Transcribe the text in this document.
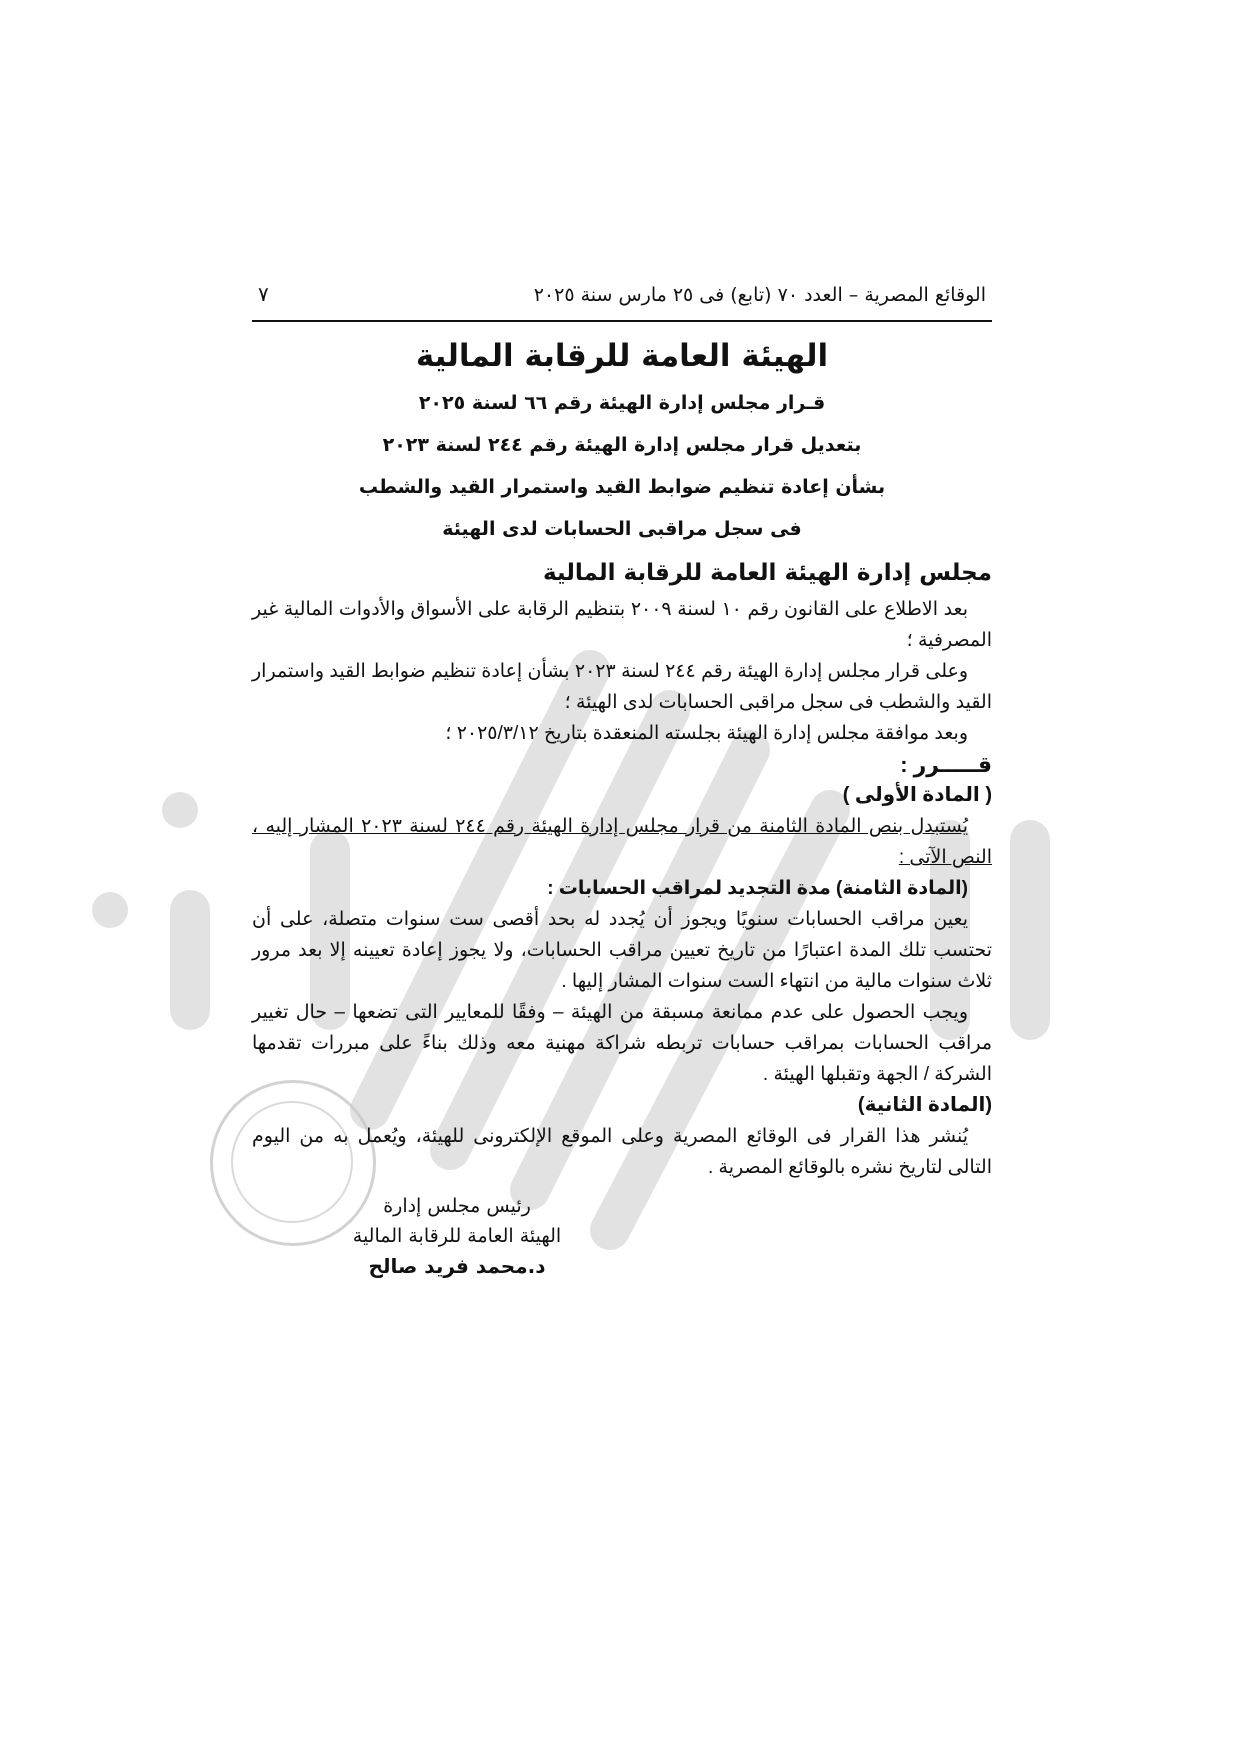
الوقائع المصرية – العدد ٧٠ (تابع) فى ٢٥ مارس سنة ٢٠٢٥
٧
الهيئة العامة للرقابة المالية
قـرار مجلس إدارة الهيئة رقم ٦٦ لسنة ٢٠٢٥
بتعديل قرار مجلس إدارة الهيئة رقم ٢٤٤ لسنة ٢٠٢٣
بشأن إعادة تنظيم ضوابط القيد واستمرار القيد والشطب
فى سجل مراقبى الحسابات لدى الهيئة
مجلس إدارة الهيئة العامة للرقابة المالية

بعد الاطلاع على القانون رقم ١٠ لسنة ٢٠٠٩ بتنظيم الرقابة على الأسواق والأدوات المالية غير المصرفية ؛

وعلى قرار مجلس إدارة الهيئة رقم ٢٤٤ لسنة ٢٠٢٣ بشأن إعادة تنظيم ضوابط القيد واستمرار القيد والشطب فى سجل مراقبى الحسابات لدى الهيئة ؛

وبعد موافقة مجلس إدارة الهيئة بجلسته المنعقدة بتاريخ ٢٠٢٥/٣/١٢ ؛

قـــــرر :

( المادة الأولى )

يُستبدل بنص المادة الثامنة من قرار مجلس إدارة الهيئة رقم ٢٤٤ لسنة ٢٠٢٣ المشار إليه ، النص الآتى :

(المادة الثامنة) مدة التجديد لمراقب الحسابات :

يعين مراقب الحسابات سنويًا ويجوز أن يُجدد له بحد أقصى ست سنوات متصلة، على أن تحتسب تلك المدة اعتبارًا من تاريخ تعيين مراقب الحسابات، ولا يجوز إعادة تعيينه إلا بعد مرور ثلاث سنوات مالية من انتهاء الست سنوات المشار إليها .

ويجب الحصول على عدم ممانعة مسبقة من الهيئة – وفقًا للمعايير التى تضعها – حال تغيير مراقب الحسابات بمراقب حسابات تربطه شراكة مهنية معه وذلك بناءً على مبررات تقدمها الشركة / الجهة وتقبلها الهيئة .

(المادة الثانية)

يُنشر هذا القرار فى الوقائع المصرية وعلى الموقع الإلكترونى للهيئة، ويُعمل به من اليوم التالى لتاريخ نشره بالوقائع المصرية .

رئيس مجلس إدارة
الهيئة العامة للرقابة المالية
د.محمد فريد صالح
